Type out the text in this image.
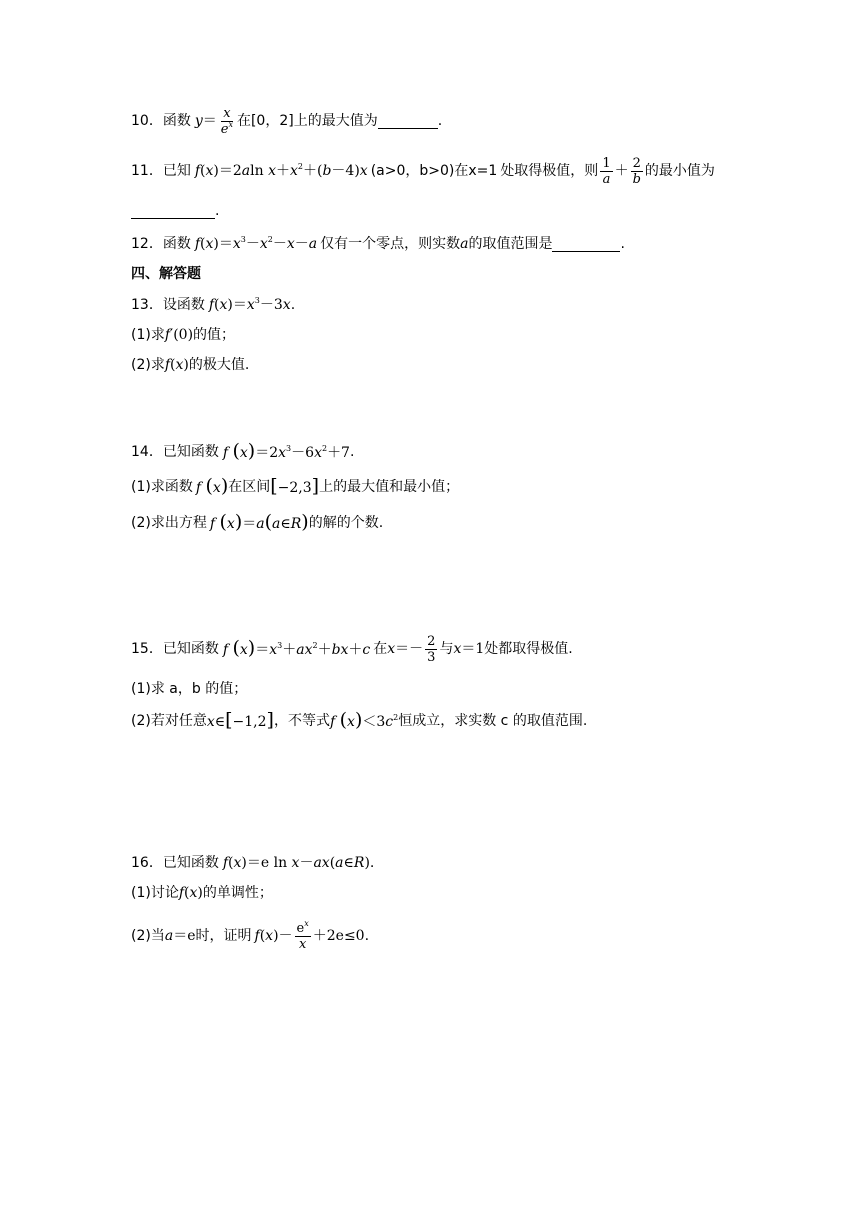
10．函数 $y = \frac{x}{e^x}$ 在[0，2]上的最大值为	.
11．已知 f(x)＝2aln $x+x^2+(b-4)x$ (a>0，b>0)在 x=1 处取得极值，则 $\frac{1}{a} + \frac{2}{b}$ 的最小值为
.
12．函数 $f(x)=x^3-x^2-x-a$ 仅有一个零点，则实数 a 的取值范围是	.
四、解答题
13．设函数 $f(x)=x^3-3x$ .
(1)求 f′(0) 的值；
(2)求 f(x) 的极大值.
14．已知函数 f $(x)=2x^3-6x^2+7$ .
(1)求函数 f (x) 在区间 [−2,3] 上的最大值和最小值；
(2)求出方程 f (x)＝a(a∈R) 的解的个数.
15．已知函数 f $(x)=x^3+ax^2+bx+c$ 在 $x=- \frac{2}{3}$ 与 x＝1 处都取得极值.
(1)求 a，b 的值；
(2)若对任意 x∈[−1,2] ，不等式 f $(x)<3c^2$ 恒成立，求实数 c 的取值范围.
16．已知函数 f(x)＝e ln x－ax(a∈R).
(1)讨论 f(x) 的单调性；
(2)当 a＝e 时，证明 $f(x)- \frac{e^x}{x} +2e\le 0$.
